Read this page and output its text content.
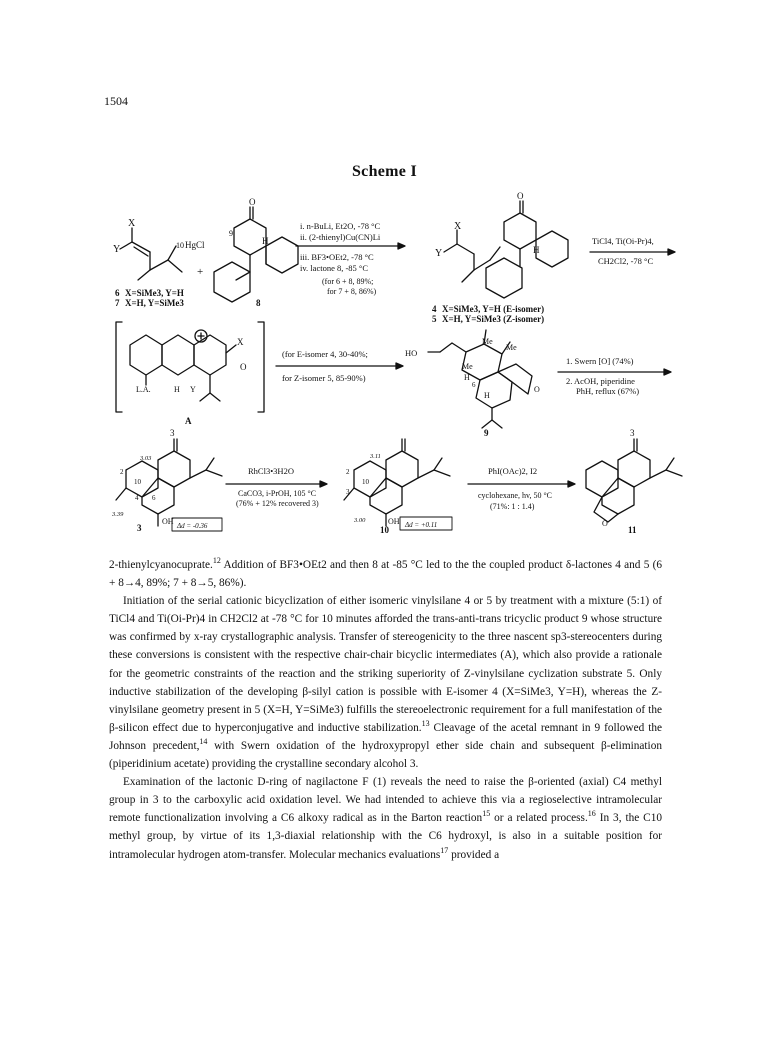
1504
Scheme I
X
Y	10 HgCl
+
O
9
H
6 X=SiMe3, Y=H
7 X=H, Y=SiMe3	8
i. n-BuLi, Et2O, -78 °C
ii. (2-thienyl)Cu(CN)Li
iii. BF3•OEt2, -78 °C
iv. lactone 8, -85 °C
(for 6 + 8, 89%;
for 7 + 8, 86%)
X
Y
O
H
4 X=SiMe3, Y=H (E-isomer)
5 X=H, Y=SiMe3 (Z-isomer)
TiCl4, Ti(Oi-Pr)4,
CH2Cl2, -78 °C
L.A.	H Y
X
O
A
(for E-isomer 4, 30-40%;
for Z-isomer 5, 85-90%)
HO
Me
Me
Me
H
6
H
O
9
1. Swern [O] (74%)
2. AcOH, piperidine
PhH, reflux (67%)
3.03
3.39
2
10
4 6
OH
3
3	Δd = -0.36
RhCl3•3H2O
CaCO3, i-PrOH, 105 °C
(76% + 12% recovered 3)
3.11
3.00
2
10
3
OH
10 Δd = +0.11
PhI(OAc)2, I2
cyclohexane, hv, 50 °C
(71%: 1 : 1.4)
3
O
11

2-thienylcyanocuprate.$^{12}$ Addition of BF3•OEt2 and then 8 at -85 °C led to the the coupled product δ-lactones 4 and 5 (6 + 8→4, 89%; 7 + 8→5, 86%).

Initiation of the serial cationic bicyclization of either isomeric vinylsilane 4 or 5 by treatment with a mixture (5:1) of TiCl4 and Ti(Oi-Pr)4 in CH2Cl2 at -78 °C for 10 minutes afforded the trans-anti-trans tricyclic product 9 whose structure was confirmed by x-ray crystallographic analysis. Transfer of stereogenicity to the three nascent sp3-stereocenters during these conversions is consistent with the respective chair-chair bicyclic intermediates (A), which also provide a rationale for the geometric constraints of the reaction and the striking superiority of Z-vinylsilane cyclization substrate 5. Only inductive stabilization of the developing β-silyl cation is possible with E-isomer 4 (X=SiMe3, Y=H), whereas the Z-vinylsilane geometry present in 5 (X=H, Y=SiMe3) fulfills the stereoelectronic requirement for a full manifestation of the β-silicon effect due to hyperconjugative and inductive stabilization.$^{13}$ Cleavage of the acetal remnant in 9 followed the Johnson precedent,$^{14}$ with Swern oxidation of the hydroxypropyl ether side chain and subsequent β-elimination (piperidinium acetate) providing the crystalline secondary alcohol 3.

Examination of the lactonic D-ring of nagilactone F (1) reveals the need to raise the β-oriented (axial) C4 methyl group in 3 to the carboxylic acid oxidation level. We had intended to achieve this via a regioselective intramolecular remote functionalization involving a C6 alkoxy radical as in the Barton reaction$^{15}$ or a related process.$^{16}$ In 3, the C10 methyl group, by virtue of its 1,3-diaxial relationship with the C6 hydroxyl, is also in a suitable position for intramolecular hydrogen atom-transfer. Molecular mechanics evaluations$^{17}$ provided a
